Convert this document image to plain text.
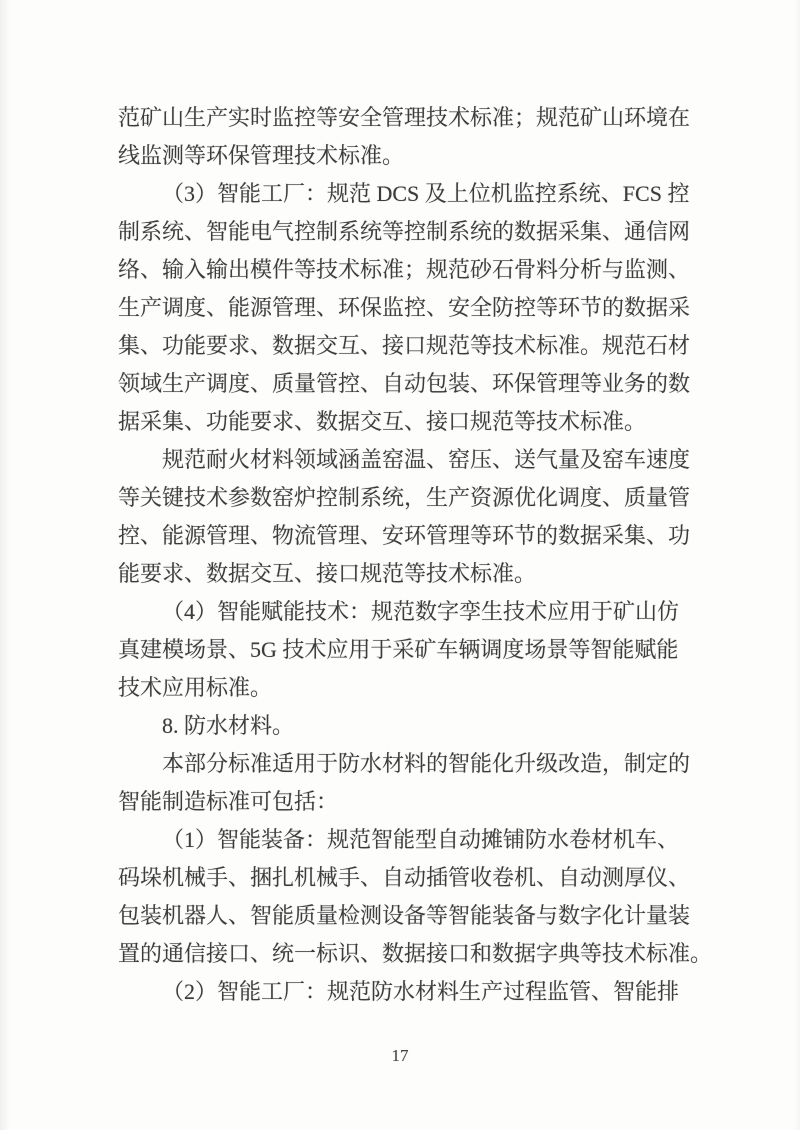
范矿山生产实时监控等安全管理技术标准；规范矿山环境在
线监测等环保管理技术标准。
（3）智能工厂：规范 DCS 及上位机监控系统、FCS 控
制系统、智能电气控制系统等控制系统的数据采集、通信网
络、输入输出模件等技术标准；规范砂石骨料分析与监测、
生产调度、能源管理、环保监控、安全防控等环节的数据采
集、功能要求、数据交互、接口规范等技术标准。规范石材
领域生产调度、质量管控、自动包装、环保管理等业务的数
据采集、功能要求、数据交互、接口规范等技术标准。
规范耐火材料领域涵盖窑温、窑压、送气量及窑车速度
等关键技术参数窑炉控制系统，生产资源优化调度、质量管
控、能源管理、物流管理、安环管理等环节的数据采集、功
能要求、数据交互、接口规范等技术标准。
（4）智能赋能技术：规范数字孪生技术应用于矿山仿
真建模场景、5G 技术应用于采矿车辆调度场景等智能赋能
技术应用标准。
8. 防水材料。
本部分标准适用于防水材料的智能化升级改造，制定的
智能制造标准可包括：
（1）智能装备：规范智能型自动摊铺防水卷材机车、
码垛机械手、捆扎机械手、自动插管收卷机、自动测厚仪、
包装机器人、智能质量检测设备等智能装备与数字化计量装
置的通信接口、统一标识、数据接口和数据字典等技术标准。
（2）智能工厂：规范防水材料生产过程监管、智能排
17
